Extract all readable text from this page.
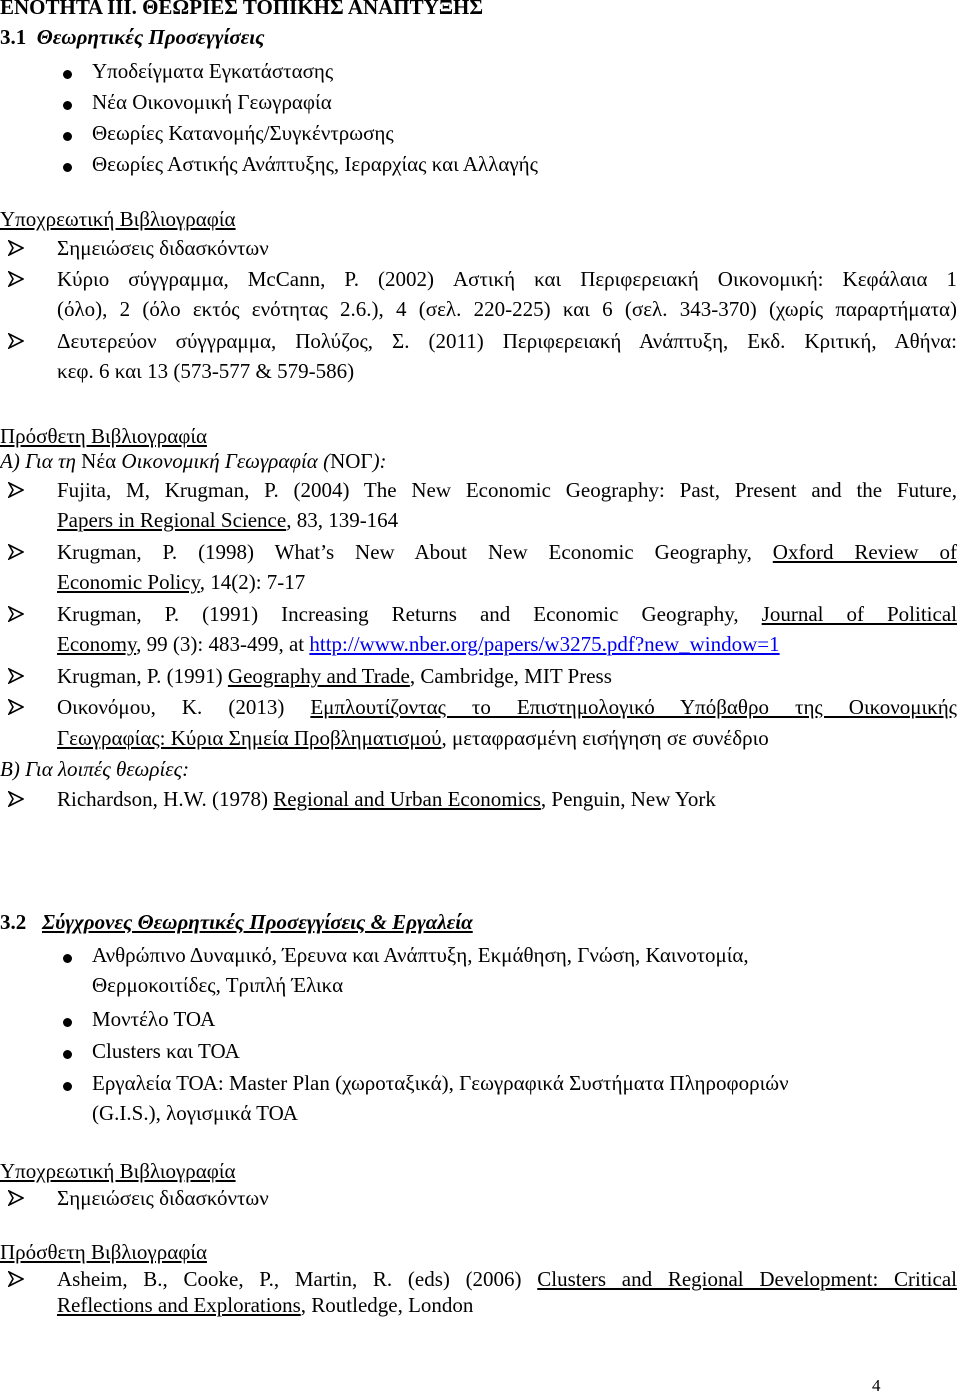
ΕΝΟΤΗΤΑ ΙΙΙ. ΘΕΩΡΙΕΣ ΤΟΠΙΚΗΣ ΑΝΑΠΤΥΞΗΣ
3.1 Θεωρητικές Προσεγγίσεις
Υποδείγματα Εγκατάστασης
Νέα Οικονομική Γεωγραφία
Θεωρίες Κατανομής/Συγκέντρωσης
Θεωρίες Αστικής Ανάπτυξης, Ιεραρχίας και Αλλαγής
Υποχρεωτική Βιβλιογραφία
Σημειώσεις διδασκόντων
Κύριο σύγγραμμα, McCann, P. (2002) Αστική και Περιφερειακή Οικονομική: Κεφάλαια 1
(όλο), 2 (όλο εκτός ενότητας 2.6.), 4 (σελ. 220-225) και 6 (σελ. 343-370) (χωρίς παραρτήματα)
Δευτερεύον σύγγραμμα, Πολύζος, Σ. (2011) Περιφερειακή Ανάπτυξη, Εκδ. Κριτική, Αθήνα:
κεφ. 6 και 13 (573-577 & 579-586)
Πρόσθετη Βιβλιογραφία
Α) Για τη Νέα Οικονομική Γεωγραφία (ΝΟΓ):
Fujita, M, Krugman, P. (2004) The New Economic Geography: Past, Present and the Future,
Papers in Regional Science, 83, 139-164
Krugman, P. (1998) What’s New About New Economic Geography, Oxford Review of
Economic Policy, 14(2): 7-17
Krugman, P. (1991) Increasing Returns and Economic Geography, Journal of Political
Economy, 99 (3): 483-499, at http://www.nber.org/papers/w3275.pdf?new_window=1
Krugman, P. (1991) Geography and Trade, Cambridge, MIT Press
Οικονόμου, Κ. (2013) Εμπλουτίζοντας το Επιστημολογικό Υπόβαθρο της Οικονομικής
Γεωγραφίας: Κύρια Σημεία Προβληματισμού, μεταφρασμένη εισήγηση σε συνέδριο
Β) Για λοιπές θεωρίες:
Richardson, H.W. (1978) Regional and Urban Economics, Penguin, New York
3.2 Σύγχρονες Θεωρητικές Προσεγγίσεις & Εργαλεία
Ανθρώπινο Δυναμικό, Έρευνα και Ανάπτυξη, Εκμάθηση, Γνώση, Καινοτομία,
Θερμοκοιτίδες, Τριπλή Έλικα
Μοντέλο ΤΟΑ
Clusters και ΤΟΑ
Εργαλεία ΤΟΑ: Master Plan (χωροταξικά), Γεωγραφικά Συστήματα Πληροφοριών
(G.I.S.), λογισμικά ΤΟΑ
Υποχρεωτική Βιβλιογραφία
Σημειώσεις διδασκόντων
Πρόσθετη Βιβλιογραφία
Asheim, B., Cooke, P., Martin, R. (eds) (2006) Clusters and Regional Development: Critical
Reflections and Explorations, Routledge, London
4
